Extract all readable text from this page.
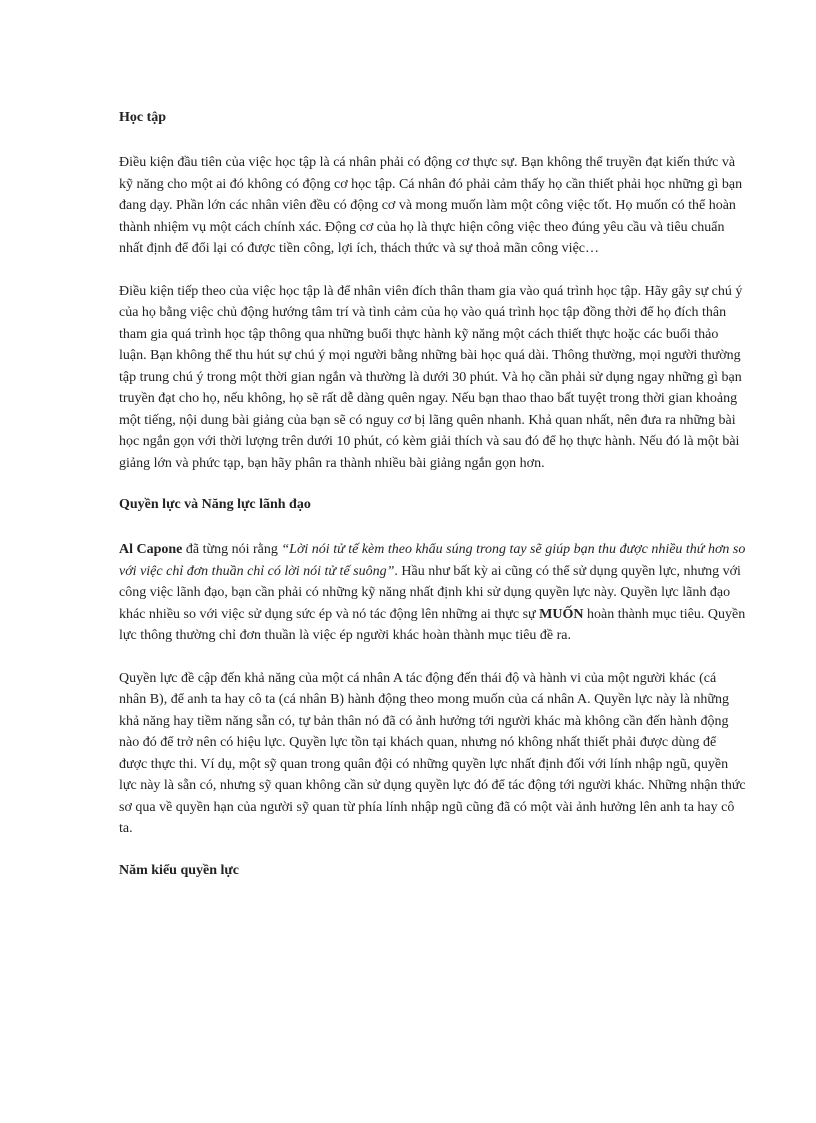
Học tập

Điều kiện đầu tiên của việc học tập là cá nhân phải có động cơ thực sự. Bạn không thể truyền đạt kiến thức và kỹ năng cho một ai đó không có động cơ học tập. Cá nhân đó phải cảm thấy họ cần thiết phải học những gì bạn đang dạy. Phần lớn các nhân viên đều có động cơ và mong muốn làm một công việc tốt. Họ muốn có thể hoàn thành nhiệm vụ một cách chính xác. Động cơ của họ là thực hiện công việc theo đúng yêu cầu và tiêu chuẩn nhất định để đổi lại có được tiền công, lợi ích, thách thức và sự thoả mãn công việc…

Điều kiện tiếp theo của việc học tập là để nhân viên đích thân tham gia vào quá trình học tập. Hãy gây sự chú ý của họ bằng việc chủ động hướng tâm trí và tình cảm của họ vào quá trình học tập đồng thời để họ đích thân tham gia quá trình học tập thông qua những buổi thực hành kỹ năng một cách thiết thực hoặc các buổi thảo luận. Bạn không thể thu hút sự chú ý mọi người bằng những bài học quá dài. Thông thường, mọi người thường tập trung chú ý trong một thời gian ngắn và thường là dưới 30 phút. Và họ cần phải sử dụng ngay những gì bạn truyền đạt cho họ, nếu không, họ sẽ rất dễ dàng quên ngay. Nếu bạn thao thao bất tuyệt trong thời gian khoảng một tiếng, nội dung bài giảng của bạn sẽ có nguy cơ bị lãng quên nhanh. Khả quan nhất, nên đưa ra những bài học ngắn gọn với thời lượng trên dưới 10 phút, có kèm giải thích và sau đó để họ thực hành. Nếu đó là một bài giảng lớn và phức tạp, bạn hãy phân ra thành nhiều bài giảng ngắn gọn hơn.

Quyền lực và Năng lực lãnh đạo

Al Capone đã từng nói rằng “Lời nói tử tế kèm theo khẩu súng trong tay sẽ giúp bạn thu được nhiều thứ hơn so với việc chỉ đơn thuần chỉ có lời nói tử tế suông”. Hầu như bất kỳ ai cũng có thể sử dụng quyền lực, nhưng với công việc lãnh đạo, bạn cần phải có những kỹ năng nhất định khi sử dụng quyền lực này. Quyền lực lãnh đạo khác nhiều so với việc sử dụng sức ép và nó tác động lên những ai thực sự MUỐN hoàn thành mục tiêu. Quyền lực thông thường chỉ đơn thuần là việc ép người khác hoàn thành mục tiêu đề ra.

Quyền lực đề cập đến khả năng của một cá nhân A tác động đến thái độ và hành vi của một người khác (cá nhân B), để anh ta hay cô ta (cá nhân B) hành động theo mong muốn của cá nhân A. Quyền lực này là những khả năng hay tiềm năng sẵn có, tự bản thân nó đã có ảnh hưởng tới người khác mà không cần đến hành động nào đó để trở nên có hiệu lực. Quyền lực tồn tại khách quan, nhưng nó không nhất thiết phải được dùng để được thực thi. Ví dụ, một sỹ quan trong quân đội có những quyền lực nhất định đối với lính nhập ngũ, quyền lực này là sẵn có, nhưng sỹ quan không cần sử dụng quyền lực đó để tác động tới người khác. Những nhận thức sơ qua về quyền hạn của người sỹ quan từ phía lính nhập ngũ cũng đã có một vài ảnh hưởng lên anh ta hay cô ta.

Năm kiểu quyền lực
